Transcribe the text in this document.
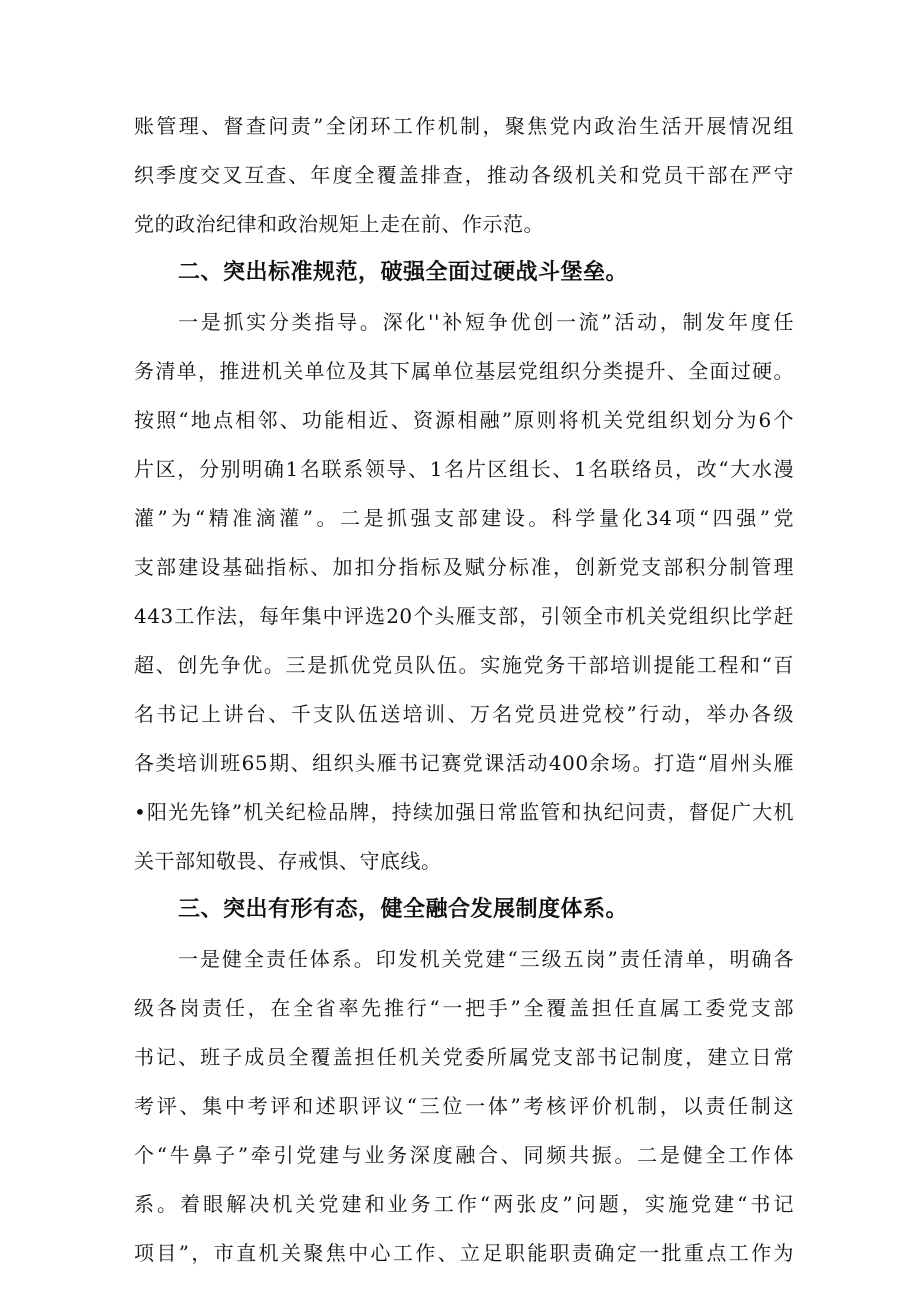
账管理、督查问责”全闭环工作机制，聚焦党内政治生活开展情况组
织季度交叉互查、年度全覆盖排查，推动各级机关和党员干部在严守
党的政治纪律和政治规矩上走在前、作示范。
二、突出标准规范，破强全面过硬战斗堡垒。
一是抓实分类指导。深化''补短争优创一流”活动，制发年度任
务清单，推进机关单位及其下属单位基层党组织分类提升、全面过硬。
按照“地点相邻、功能相近、资源相融”原则将机关党组织划分为6个
片区，分别明确1名联系领导、1名片区组长、1名联络员，改“大水漫
灌”为“精准滴灌”。二是抓强支部建设。科学量化34项“四强”党
支部建设基础指标、加扣分指标及赋分标准，创新党支部积分制管理
443工作法，每年集中评选20个头雁支部，引领全市机关党组织比学赶
超、创先争优。三是抓优党员队伍。实施党务干部培训提能工程和“百
名书记上讲台、千支队伍送培训、万名党员进党校”行动，举办各级
各类培训班65期、组织头雁书记赛党课活动400余场。打造“眉州头雁
•阳光先锋”机关纪检品牌，持续加强日常监管和执纪问责，督促广大机
关干部知敬畏、存戒惧、守底线。
三、突出有形有态，健全融合发展制度体系。
一是健全责任体系。印发机关党建“三级五岗”责任清单，明确各
级各岗责任，在全省率先推行“一把手”全覆盖担任直属工委党支部
书记、班子成员全覆盖担任机关党委所属党支部书记制度，建立日常
考评、集中考评和述职评议“三位一体”考核评价机制，以责任制这
个“牛鼻子”牵引党建与业务深度融合、同频共振。二是健全工作体
系。着眼解决机关党建和业务工作“两张皮”问题，实施党建“书记
项目”，市直机关聚焦中心工作、立足职能职责确定一批重点工作为
